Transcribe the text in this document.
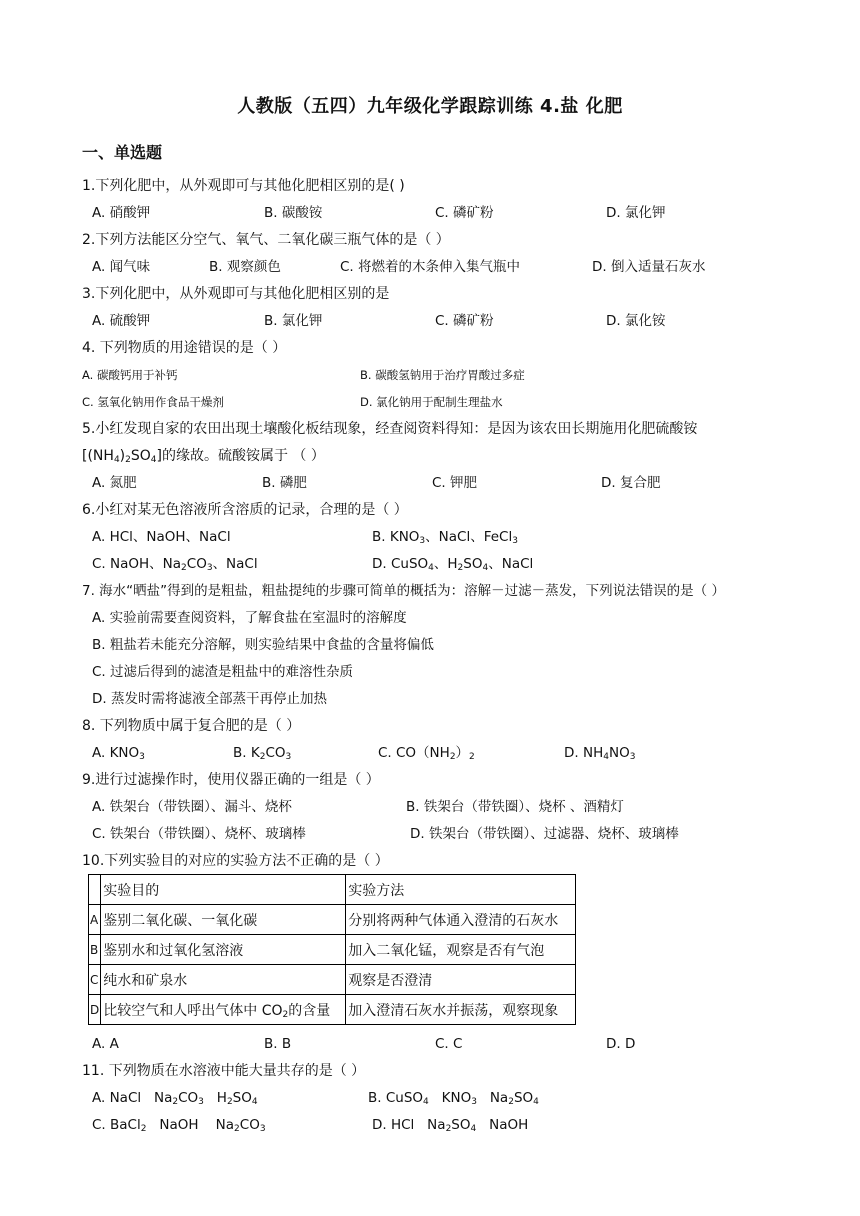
人教版（五四）九年级化学跟踪训练 4.盐 化肥
一、单选题
1.下列化肥中，从外观即可与其他化肥相区别的是( )
A. 硝酸钾	B. 碳酸铵	C. 磷矿粉	D. 氯化钾
2.下列方法能区分空气、氧气、二氧化碳三瓶气体的是（ ）
A. 闻气味	B. 观察颜色	C. 将燃着的木条伸入集气瓶中	D. 倒入适量石灰水
3.下列化肥中，从外观即可与其他化肥相区别的是
A. 硫酸钾	B. 氯化钾	C. 磷矿粉	D. 氯化铵
4. 下列物质的用途错误的是（ ）
A. 碳酸钙用于补钙	B. 碳酸氢钠用于治疗胃酸过多症
C. 氢氧化钠用作食品干燥剂	D. 氯化钠用于配制生理盐水
5.小红发现自家的农田出现土壤酸化板结现象，经查阅资料得知：是因为该农田长期施用化肥硫酸铵
$[(NH_4)_2SO_4]$的缘故。硫酸铵属于 （ ）
A. 氮肥	B. 磷肥	C. 钾肥	D. 复合肥
6.小红对某无色溶液所含溶质的记录，合理的是（ ）
A. HCl、NaOH、NaCl	B. $KNO_3$、NaCl、FeCl$_3$
C. NaOH、$Na_2CO_3$、NaCl	D. CuSO$_4$、$H_2SO_4$、NaCl
7. 海水“晒盐”得到的是粗盐，粗盐提纯的步骤可简单的概括为：溶解－过滤－蒸发，下列说法错误的是（ ）
A. 实验前需要查阅资料，了解食盐在室温时的溶解度
B. 粗盐若未能充分溶解，则实验结果中食盐的含量将偏低
C. 过滤后得到的滤渣是粗盐中的难溶性杂质
D. 蒸发时需将滤液全部蒸干再停止加热
8. 下列物质中属于复合肥的是（ ）
A. $KNO_3$	B. $K_2CO_3$	C. $CO(NH_2)_2$	D. $NH_4NO_3$
9.进行过滤操作时，使用仪器正确的一组是（ ）
A. 铁架台（带铁圈）、漏斗、烧杯	B. 铁架台（带铁圈）、烧杯 、酒精灯
C. 铁架台（带铁圈）、烧杯、玻璃棒	D. 铁架台（带铁圈）、过滤器、烧杯、玻璃棒
10.下列实验目的对应的实验方法不正确的是（ ）
	实验目的	实验方法
A	鉴别二氧化碳、一氧化碳	分别将两种气体通入澄清的石灰水
B	鉴别水和过氧化氢溶液	加入二氧化锰，观察是否有气泡
C	纯水和矿泉水	观察是否澄清
D	比较空气和人呼出气体中 $CO_2$的含量	加入澄清石灰水并振荡，观察现象
A. A	B. B	C. C	D. D
11. 下列物质在水溶液中能大量共存的是（ ）
A. NaCl   $Na_2CO_3$   $H_2SO_4$	B. CuSO$_4$   $KNO_3$   $Na_2SO_4$
C. BaCl$_2$   NaOH    $Na_2CO_3$	D. HCl   $Na_2SO_4$   NaOH
